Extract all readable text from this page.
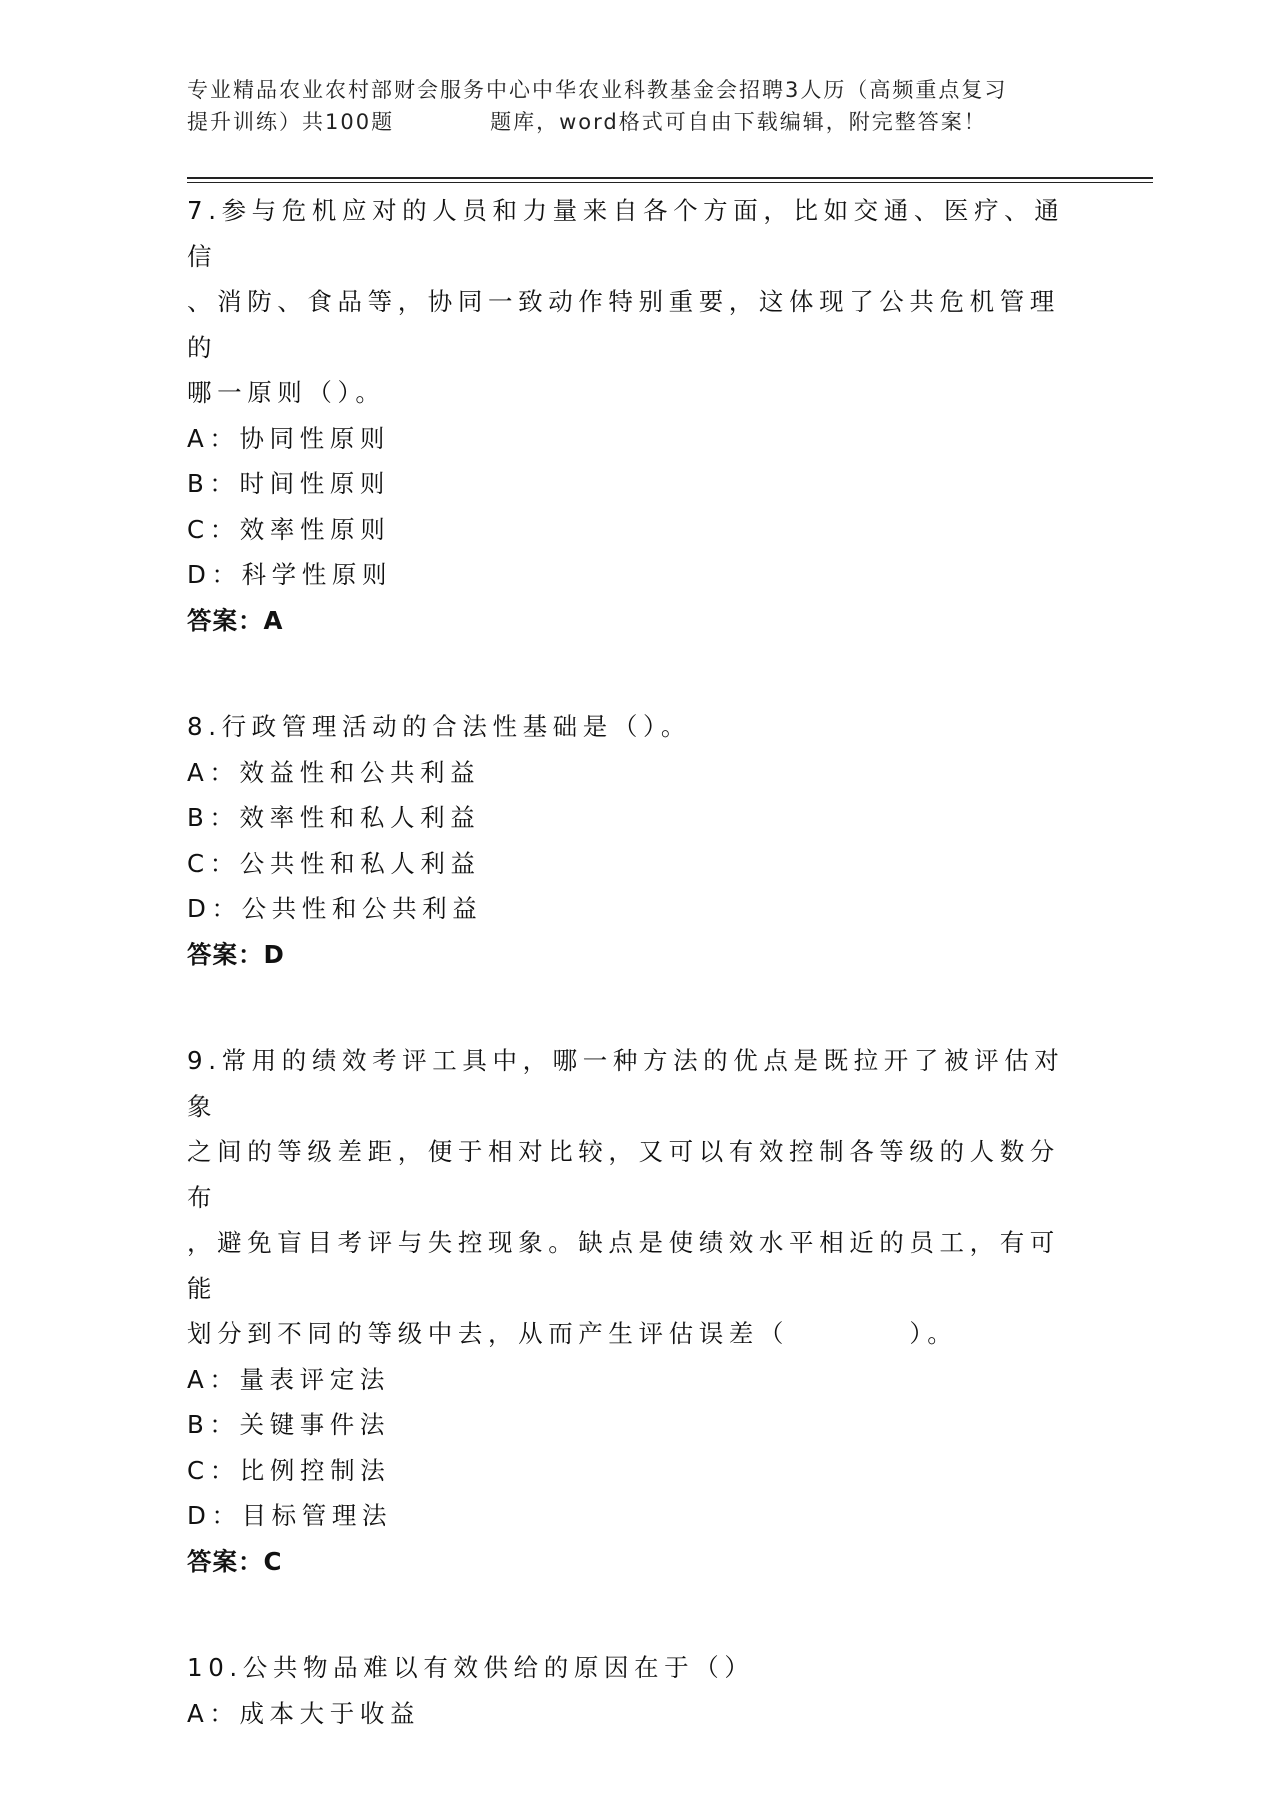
专业精品农业农村部财会服务中心中华农业科教基金会招聘3人历（高频重点复习
提升训练）共100题	题库，word格式可自由下载编辑，附完整答案！
7.参与危机应对的人员和力量来自各个方面，比如交通、医疗、通信
、消防、食品等，协同一致动作特别重要，这体现了公共危机管理的
哪一原则（）。
A：协同性原则
B：时间性原则
C：效率性原则
D：科学性原则
答案：A
8.行政管理活动的合法性基础是（）。
A：效益性和公共利益
B：效率性和私人利益
C：公共性和私人利益
D：公共性和公共利益
答案：D
9.常用的绩效考评工具中，哪一种方法的优点是既拉开了被评估对象
之间的等级差距，便于相对比较，又可以有效控制各等级的人数分布
，避免盲目考评与失控现象。缺点是使绩效水平相近的员工，有可能
划分到不同的等级中去，从而产生评估误差（　　　　）。
A：量表评定法
B：关键事件法
C：比例控制法
D：目标管理法
答案：C
10.公共物品难以有效供给的原因在于（）
A：成本大于收益
